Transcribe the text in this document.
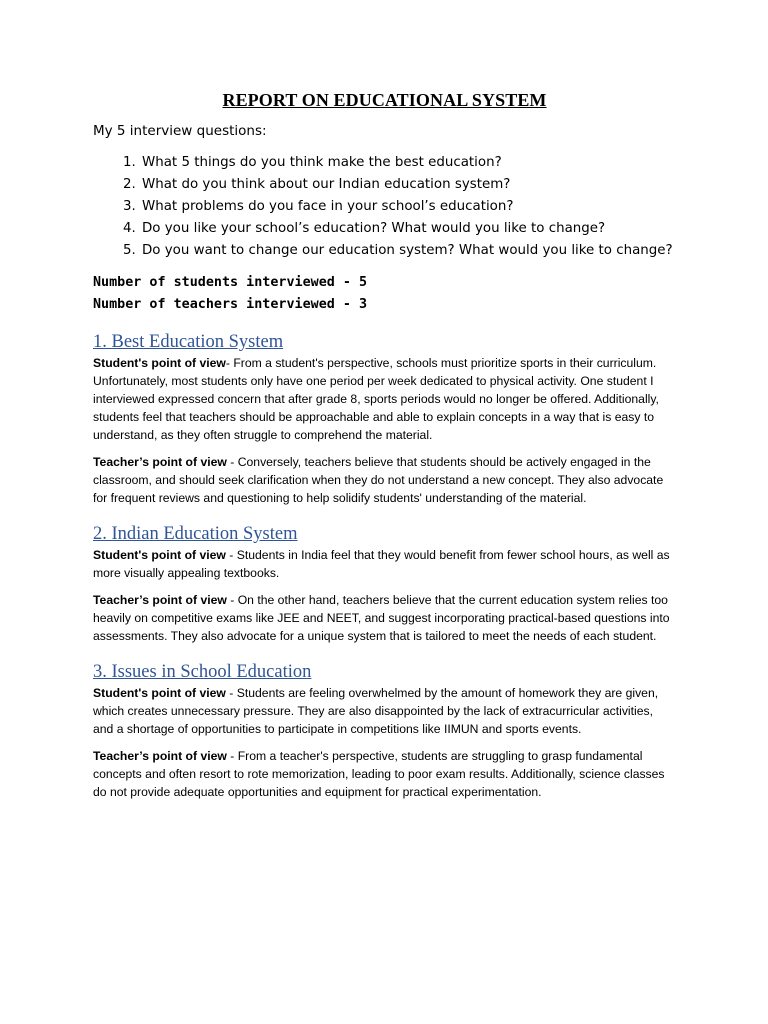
REPORT ON EDUCATIONAL SYSTEM
My 5 interview questions:
1. What 5 things do you think make the best education?
2. What do you think about our Indian education system?
3. What problems do you face in your school’s education?
4. Do you like your school’s education? What would you like to change?
5. Do you want to change our education system? What would you like to change?
Number of students interviewed - 5
Number of teachers interviewed - 3
1. Best Education System

Student's point of view- From a student's perspective, schools must prioritize sports in their curriculum. Unfortunately, most students only have one period per week dedicated to physical activity. One student I interviewed expressed concern that after grade 8, sports periods would no longer be offered. Additionally, students feel that teachers should be approachable and able to explain concepts in a way that is easy to understand, as they often struggle to comprehend the material.

Teacher’s point of view - Conversely, teachers believe that students should be actively engaged in the classroom, and should seek clarification when they do not understand a new concept. They also advocate for frequent reviews and questioning to help solidify students' understanding of the material.

2. Indian Education System

Student's point of view - Students in India feel that they would benefit from fewer school hours, as well as more visually appealing textbooks.

Teacher’s point of view - On the other hand, teachers believe that the current education system relies too heavily on competitive exams like JEE and NEET, and suggest incorporating practical-based questions into assessments. They also advocate for a unique system that is tailored to meet the needs of each student.

3. Issues in School Education

Student's point of view - Students are feeling overwhelmed by the amount of homework they are given, which creates unnecessary pressure. They are also disappointed by the lack of extracurricular activities, and a shortage of opportunities to participate in competitions like IIMUN and sports events.

Teacher’s point of view - From a teacher's perspective, students are struggling to grasp fundamental concepts and often resort to rote memorization, leading to poor exam results. Additionally, science classes do not provide adequate opportunities and equipment for practical experimentation.
